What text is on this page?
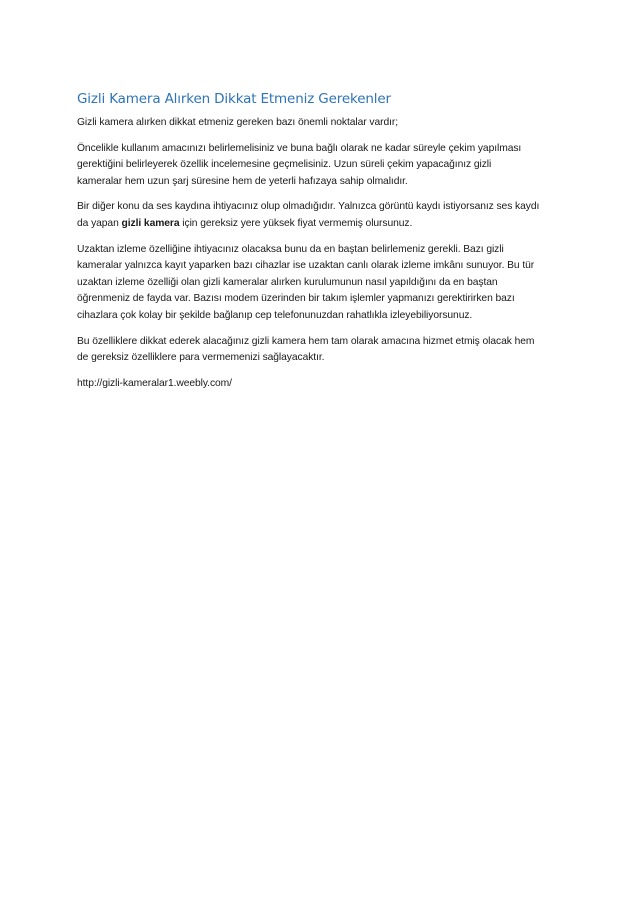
Gizli Kamera Alırken Dikkat Etmeniz Gerekenler

Gizli kamera alırken dikkat etmeniz gereken bazı önemli noktalar vardır;

Öncelikle kullanım amacınızı belirlemelisiniz ve buna bağlı olarak ne kadar süreyle çekim yapılması
gerektiğini belirleyerek özellik incelemesine geçmelisiniz. Uzun süreli çekim yapacağınız gizli
kameralar hem uzun şarj süresine hem de yeterli hafızaya sahip olmalıdır.

Bir diğer konu da ses kaydına ihtiyacınız olup olmadığıdır. Yalnızca görüntü kaydı istiyorsanız ses kaydı
da yapan gizli kamera için gereksiz yere yüksek fiyat vermemiş olursunuz.

Uzaktan izleme özelliğine ihtiyacınız olacaksa bunu da en baştan belirlemeniz gerekli. Bazı gizli
kameralar yalnızca kayıt yaparken bazı cihazlar ise uzaktan canlı olarak izleme imkânı sunuyor. Bu tür
uzaktan izleme özelliği olan gizli kameralar alırken kurulumunun nasıl yapıldığını da en baştan
öğrenmeniz de fayda var. Bazısı modem üzerinden bir takım işlemler yapmanızı gerektirirken bazı
cihazlara çok kolay bir şekilde bağlanıp cep telefonunuzdan rahatlıkla izleyebiliyorsunuz.

Bu özelliklere dikkat ederek alacağınız gizli kamera hem tam olarak amacına hizmet etmiş olacak hem
de gereksiz özelliklere para vermemenizi sağlayacaktır.

http://gizli-kameralar1.weebly.com/
